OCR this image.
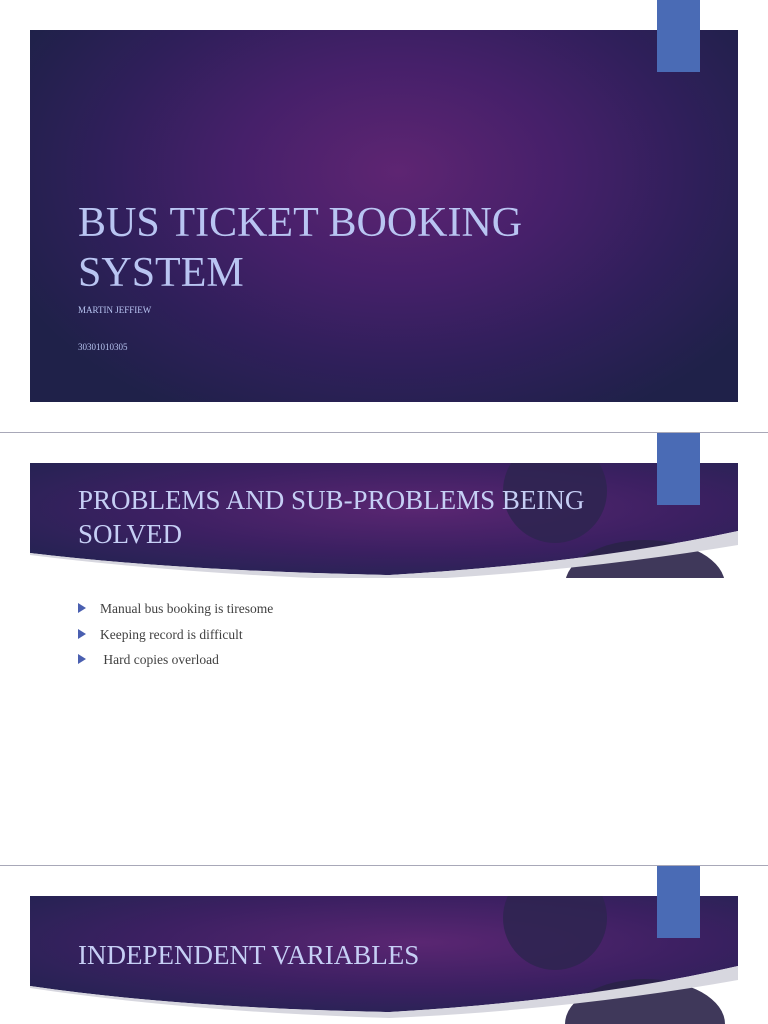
BUS TICKET BOOKING SYSTEM
MARTIN JEFFIEW
30301010305
PROBLEMS AND SUB-PROBLEMS BEING SOLVED
Manual bus booking is tiresome
Keeping record is difficult
Hard copies overload
INDEPENDENT VARIABLES
